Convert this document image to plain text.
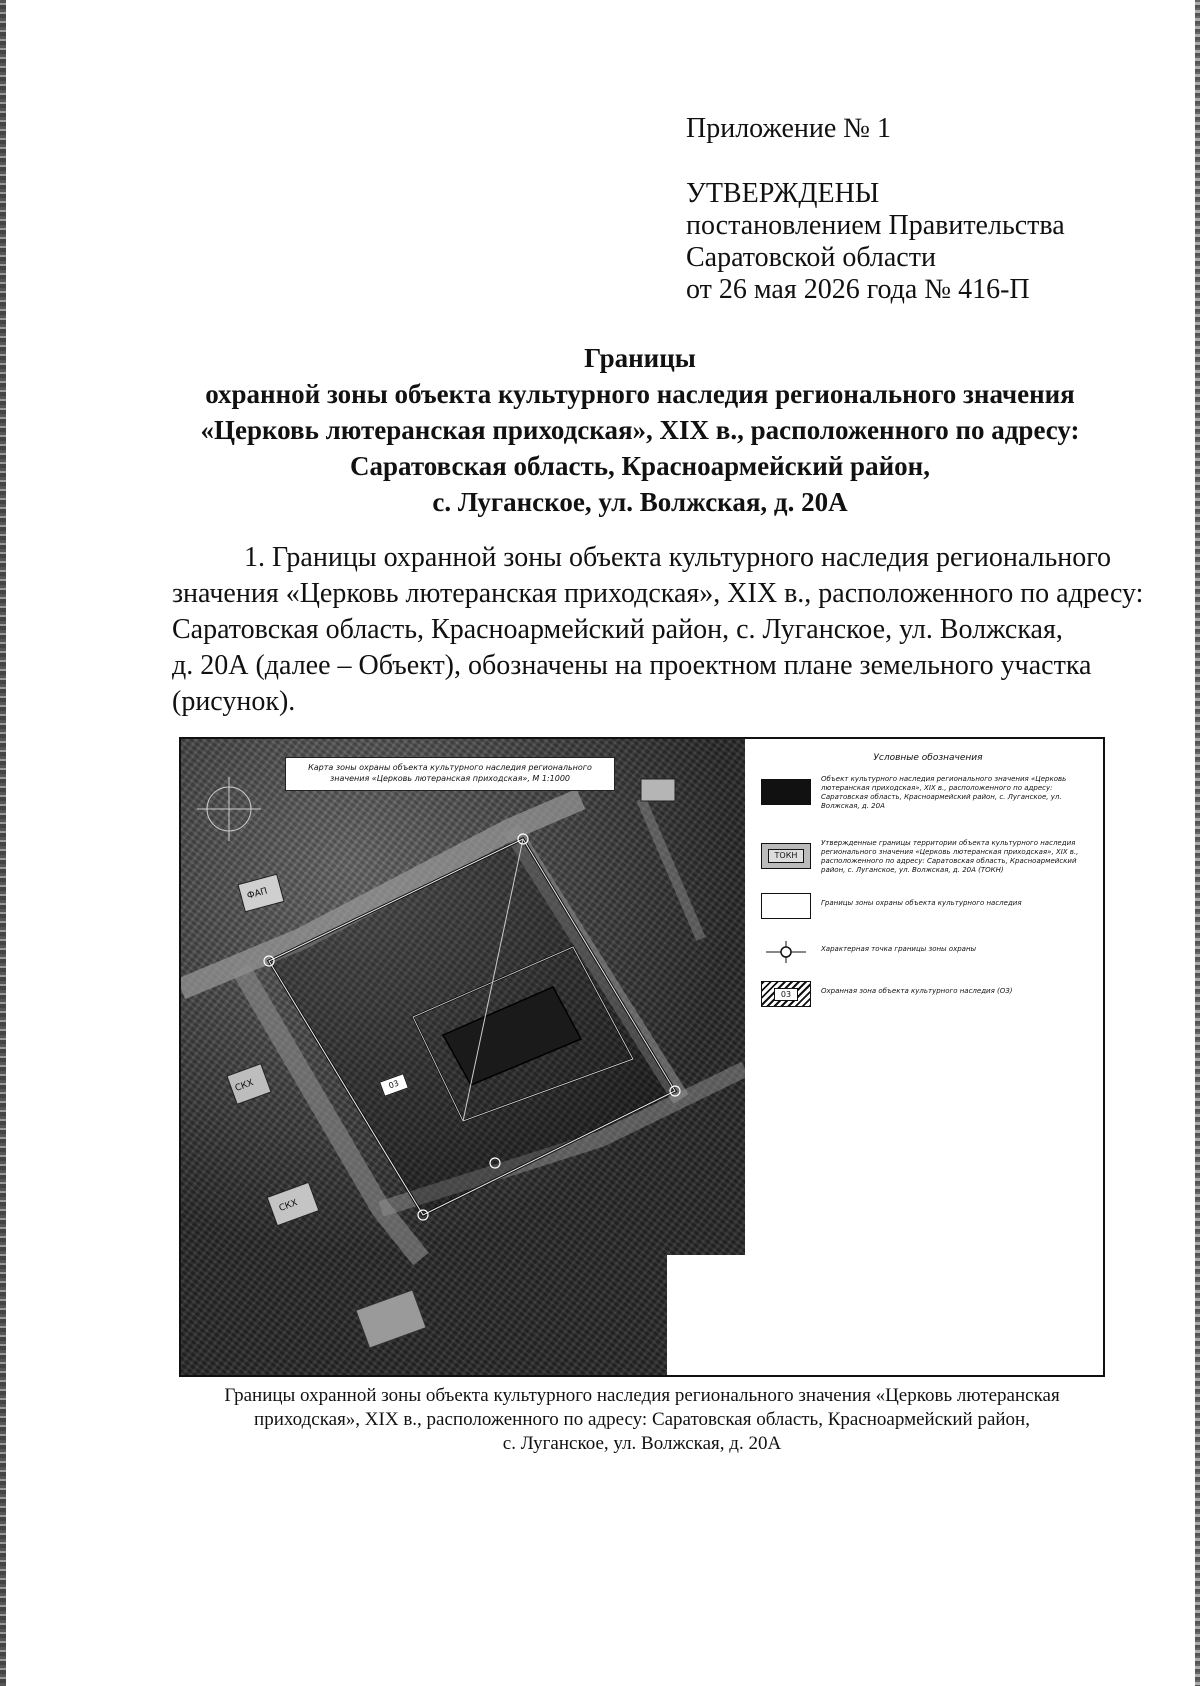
Приложение № 1
УТВЕРЖДЕНЫ
постановлением Правительства
Саратовской области
от 26 мая 2026 года № 416-П
Границы
охранной зоны объекта культурного наследия регионального значения
«Церковь лютеранская приходская», XIX в., расположенного по адресу:
Саратовская область, Красноармейский район,
с. Луганское, ул. Волжская, д. 20А
1. Границы охранной зоны объекта культурного наследия регионального
значения «Церковь лютеранская приходская», XIX в., расположенного по адресу:
Саратовская область, Красноармейский район, с. Луганское, ул. Волжская,
д. 20А (далее – Объект), обозначены на проектном плане земельного участка
(рисунок).
Карта зоны охраны объекта культурного наследия регионального значения «Церковь лютеранская приходская», М 1:1000
03
ФАП
СКХ
СКХ
Условные обозначения
Объект культурного наследия регионального значения «Церковь лютеранская приходская», XIX в., расположенного по адресу: Саратовская область, Красноармейский район, с. Луганское, ул. Волжская, д. 20А
ТОКН
Утвержденные границы территории объекта культурного наследия регионального значения «Церковь лютеранская приходская», XIX в., расположенного по адресу: Саратовская область, Красноармейский район, с. Луганское, ул. Волжская, д. 20А (ТОКН)
Границы зоны охраны объекта культурного наследия
Характерная точка границы зоны охраны
03	Охранная зона объекта культурного наследия (ОЗ)
Границы охранной зоны объекта культурного наследия регионального значения «Церковь лютеранская
приходская», XIX в., расположенного по адресу: Саратовская область, Красноармейский район,
с. Луганское, ул. Волжская, д. 20А
